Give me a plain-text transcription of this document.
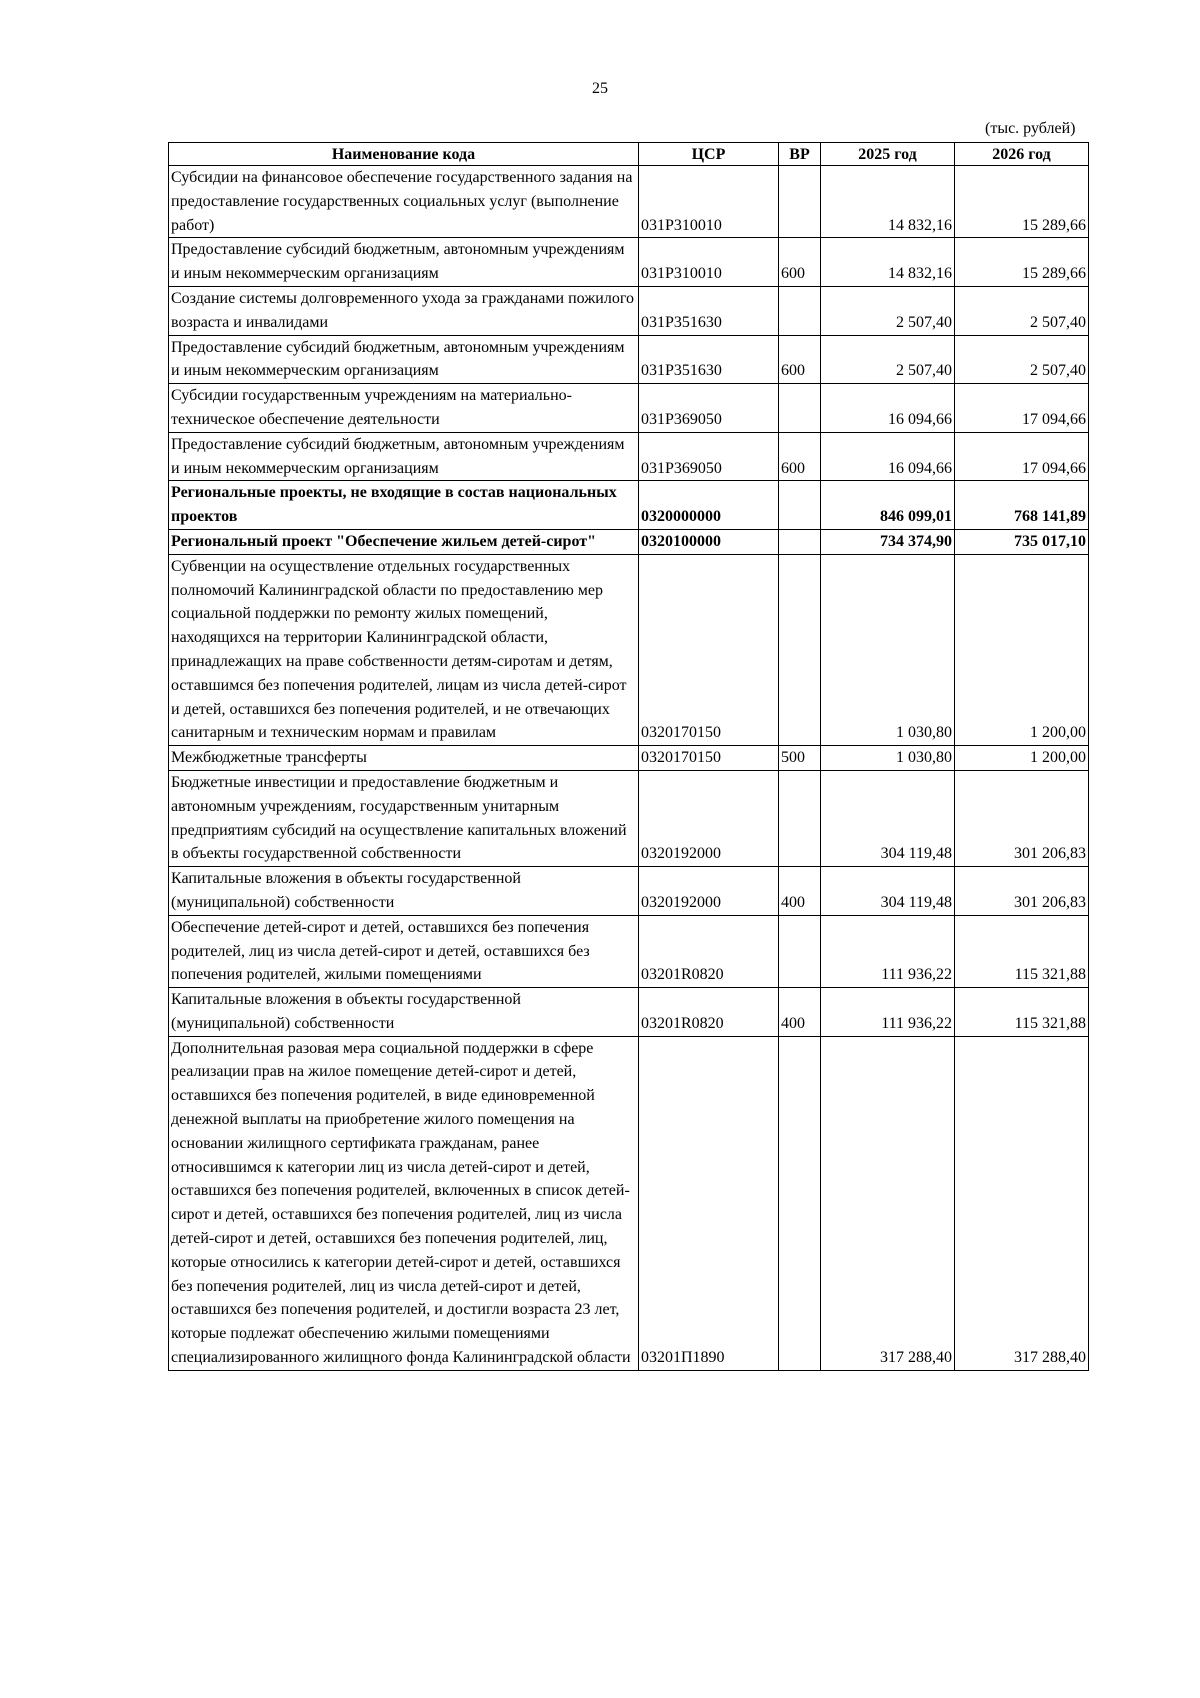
25
(тыс. рублей)
Наименование кода	ЦСР	ВР	2025 год	2026 год
Субсидии на финансовое обеспечение государственного задания на предоставление государственных социальных услуг (выполнение работ)	031Р310010		14 832,16	15 289,66
Предоставление субсидий бюджетным, автономным учреждениям и иным некоммерческим организациям	031Р310010	600	14 832,16	15 289,66
Создание системы долговременного ухода за гражданами пожилого возраста и инвалидами	031Р351630		2 507,40	2 507,40
Предоставление субсидий бюджетным, автономным учреждениям и иным некоммерческим организациям	031Р351630	600	2 507,40	2 507,40
Субсидии государственным учреждениям на материально-техническое обеспечение деятельности	031Р369050		16 094,66	17 094,66
Предоставление субсидий бюджетным, автономным учреждениям и иным некоммерческим организациям	031Р369050	600	16 094,66	17 094,66
Региональные проекты, не входящие в состав национальных проектов	0320000000		846 099,01	768 141,89
Региональный проект "Обеспечение жильем детей-сирот"	0320100000		734 374,90	735 017,10
Субвенции на осуществление отдельных государственных полномочий Калининградской области по предоставлению мер социальной поддержки по ремонту жилых помещений, находящихся на территории Калининградской области, принадлежащих на праве собственности детям-сиротам и детям, оставшимся без попечения родителей, лицам из числа детей-сирот и детей, оставшихся без попечения родителей, и не отвечающих санитарным и техническим нормам и правилам	0320170150		1 030,80	1 200,00
Межбюджетные трансферты	0320170150	500	1 030,80	1 200,00
Бюджетные инвестиции и предоставление бюджетным и автономным учреждениям, государственным унитарным предприятиям субсидий на осуществление капитальных вложений в объекты государственной собственности	0320192000		304 119,48	301 206,83
Капитальные вложения в объекты государственной (муниципальной) собственности	0320192000	400	304 119,48	301 206,83
Обеспечение детей-сирот и детей, оставшихся без попечения родителей, лиц из числа детей-сирот и детей, оставшихся без попечения родителей, жилыми помещениями	03201R0820		111 936,22	115 321,88
Капитальные вложения в объекты государственной (муниципальной) собственности	03201R0820	400	111 936,22	115 321,88
Дополнительная разовая мера социальной поддержки в сфере реализации прав на жилое помещение детей-сирот и детей, оставшихся без попечения родителей, в виде единовременной денежной выплаты на приобретение жилого помещения на основании жилищного сертификата гражданам, ранее относившимся к категории лиц из числа детей-сирот и детей, оставшихся без попечения родителей, включенных в список детей-сирот и детей, оставшихся без попечения родителей, лиц из числа детей-сирот и детей, оставшихся без попечения родителей, лиц, которые относились к категории детей-сирот и детей, оставшихся без попечения родителей, лиц из числа детей-сирот и детей, оставшихся без попечения родителей, и достигли возраста 23 лет, которые подлежат обеспечению жилыми помещениями специализированного жилищного фонда Калининградской области	03201П1890		317 288,40	317 288,40
